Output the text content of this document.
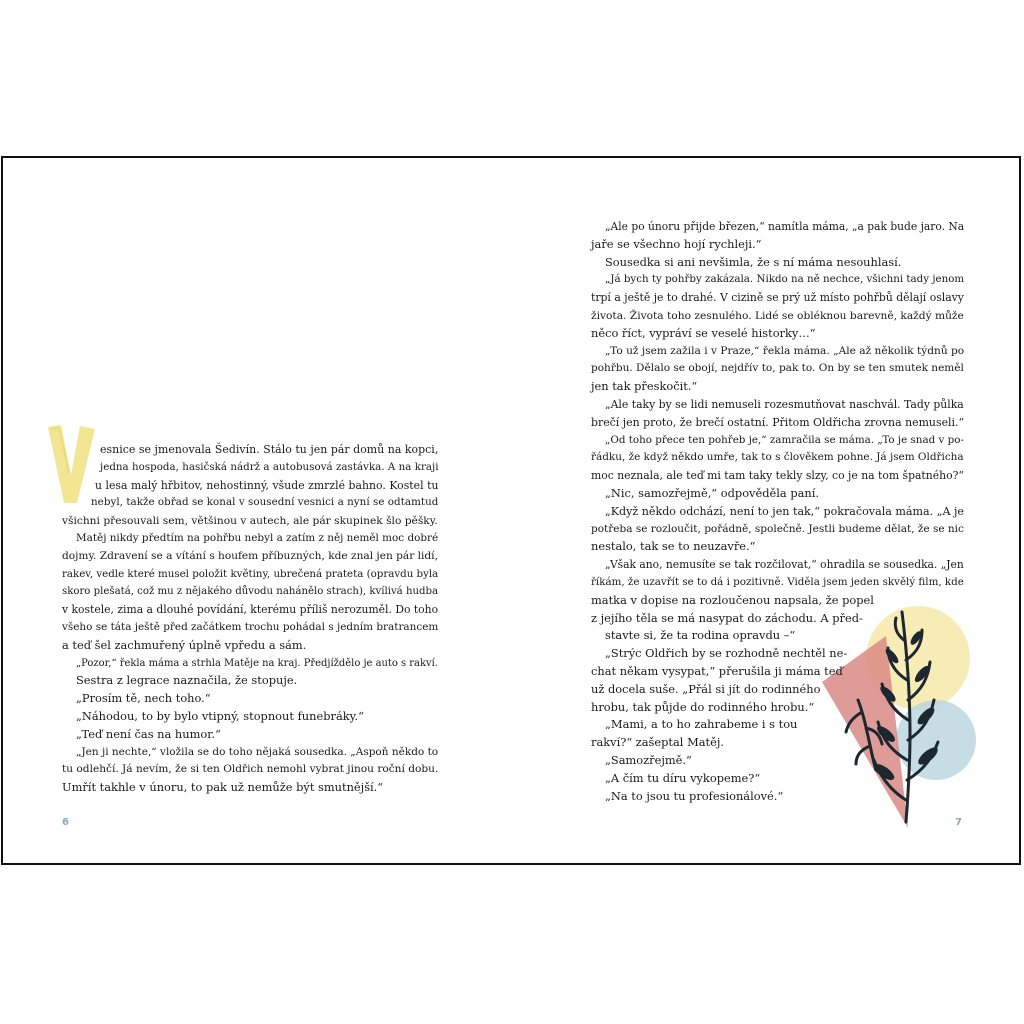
esnice se jmenovala Šedivín. Stálo tu jen pár domů na kopci,
jedna hospoda, hasičská nádrž a autobusová zastávka. A na kraji
u lesa malý hřbitov, nehostinný, všude zmrzlé bahno. Kostel tu
nebyl, takže obřad se konal v sousední vesnici a nyní se odtamtud
všichni přesouvali sem, většinou v autech, ale pár skupinek šlo pěšky.
Matěj nikdy předtím na pohřbu nebyl a zatím z něj neměl moc dobré
dojmy. Zdravení se a vítání s houfem příbuzných, kde znal jen pár lidí,
rakev, vedle které musel položit květiny, ubrečená prateta (opravdu byla
skoro plešatá, což mu z nějakého důvodu nahánělo strach), kvílivá hudba
v kostele, zima a dlouhé povídání, kterému příliš nerozuměl. Do toho
všeho se táta ještě před začátkem trochu pohádal s jedním bratrancem
a teď šel zachmuřený úplně vpředu a sám.
„Pozor,“ řekla máma a strhla Matěje na kraj. Předjíždělo je auto s rakví.
Sestra z legrace naznačila, že stopuje.
„Prosím tě, nech toho.“
„Náhodou, to by bylo vtipný, stopnout funebráky.“
„Teď není čas na humor.“
„Jen ji nechte,“ vložila se do toho nějaká sousedka. „Aspoň někdo to
tu odlehčí. Já nevím, že si ten Oldřich nemohl vybrat jinou roční dobu.
Umřít takhle v únoru, to pak už nemůže být smutnější.“
„Ale po únoru přijde březen,“ namítla máma, „a pak bude jaro. Na
jaře se všechno hojí rychleji.“
Sousedka si ani nevšimla, že s ní máma nesouhlasí.
„Já bych ty pohřby zakázala. Nikdo na ně nechce, všichni tady jenom
trpí a ještě je to drahé. V cizině se prý už místo pohřbů dělají oslavy
života. Života toho zesnulého. Lidé se obléknou barevně, každý může
něco říct, vypráví se veselé historky…“
„To už jsem zažila i v Praze,“ řekla máma. „Ale až několik týdnů po
pohřbu. Dělalo se obojí, nejdřív to, pak to. On by se ten smutek neměl
jen tak přeskočit.“
„Ale taky by se lidi nemuseli rozesmutňovat naschvál. Tady půlka
brečí jen proto, že brečí ostatní. Přitom Oldřicha zrovna nemuseli.“
„Od toho přece ten pohřeb je,“ zamračila se máma. „To je snad v po-
řádku, že když někdo umře, tak to s člověkem pohne. Já jsem Oldřicha
moc neznala, ale teď mi tam taky tekly slzy, co je na tom špatného?“
„Nic, samozřejmě,“ odpověděla paní.
„Když někdo odchází, není to jen tak,“ pokračovala máma. „A je
potřeba se rozloučit, pořádně, společně. Jestli budeme dělat, že se nic
nestalo, tak se to neuzavře.“
„Však ano, nemusíte se tak rozčilovat,“ ohradila se sousedka. „Jen
říkám, že uzavřít se to dá i pozitivně. Viděla jsem jeden skvělý film, kde
matka v dopise na rozloučenou napsala, že popel
z jejího těla se má nasypat do záchodu. A před-
stavte si, že ta rodina opravdu –“
„Strýc Oldřich by se rozhodně nechtěl ne-
chat někam vysypat,“ přerušila ji máma teď
už docela suše. „Přál si jít do rodinného
hrobu, tak půjde do rodinného hrobu.“
„Mami, a to ho zahrabeme i s tou
rakví?“ zašeptal Matěj.
„Samozřejmě.“
„A čím tu díru vykopeme?“
„Na to jsou tu profesionálové.“
6	7
